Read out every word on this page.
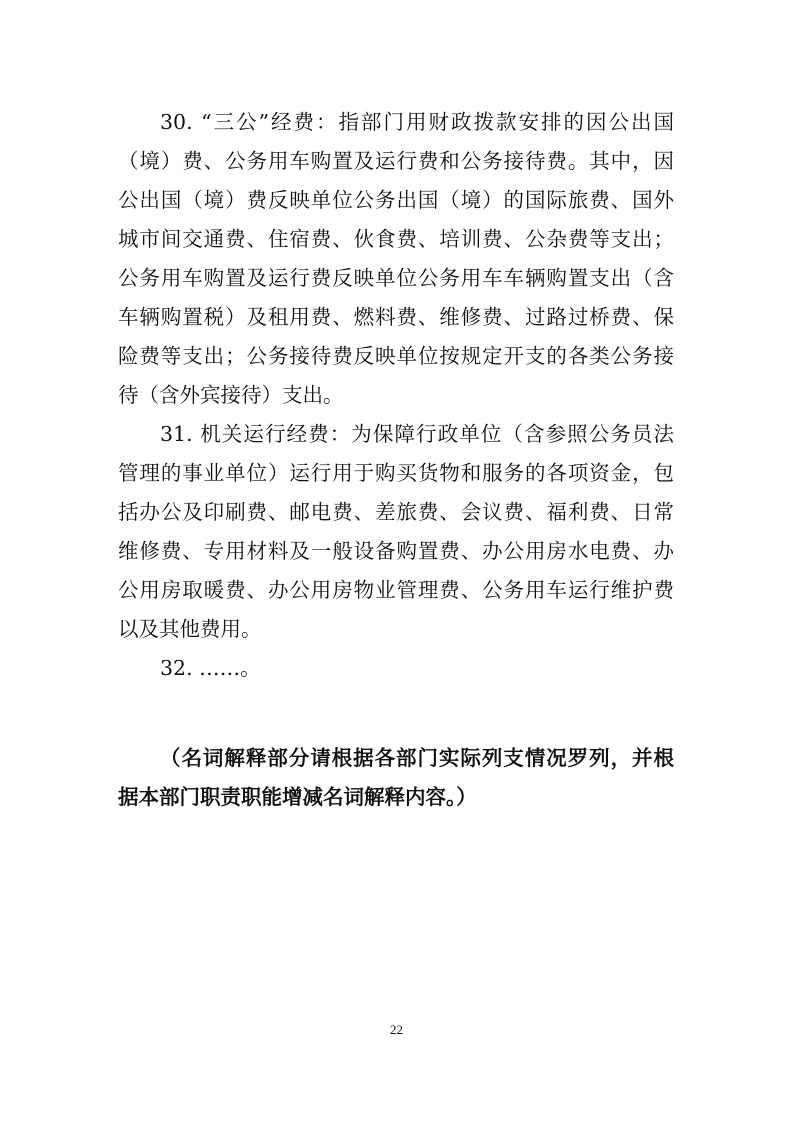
30. “三公”经费：指部门用财政拨款安排的因公出国
（境）费、公务用车购置及运行费和公务接待费。其中，因
公出国（境）费反映单位公务出国（境）的国际旅费、国外
城市间交通费、住宿费、伙食费、培训费、公杂费等支出；
公务用车购置及运行费反映单位公务用车车辆购置支出（含
车辆购置税）及租用费、燃料费、维修费、过路过桥费、保
险费等支出；公务接待费反映单位按规定开支的各类公务接
待（含外宾接待）支出。
31. 机关运行经费：为保障行政单位（含参照公务员法
管理的事业单位）运行用于购买货物和服务的各项资金，包
括办公及印刷费、邮电费、差旅费、会议费、福利费、日常
维修费、专用材料及一般设备购置费、办公用房水电费、办
公用房取暖费、办公用房物业管理费、公务用车运行维护费
以及其他费用。
32. ……。
（名词解释部分请根据各部门实际列支情况罗列，并根
据本部门职责职能增减名词解释内容。）
22
